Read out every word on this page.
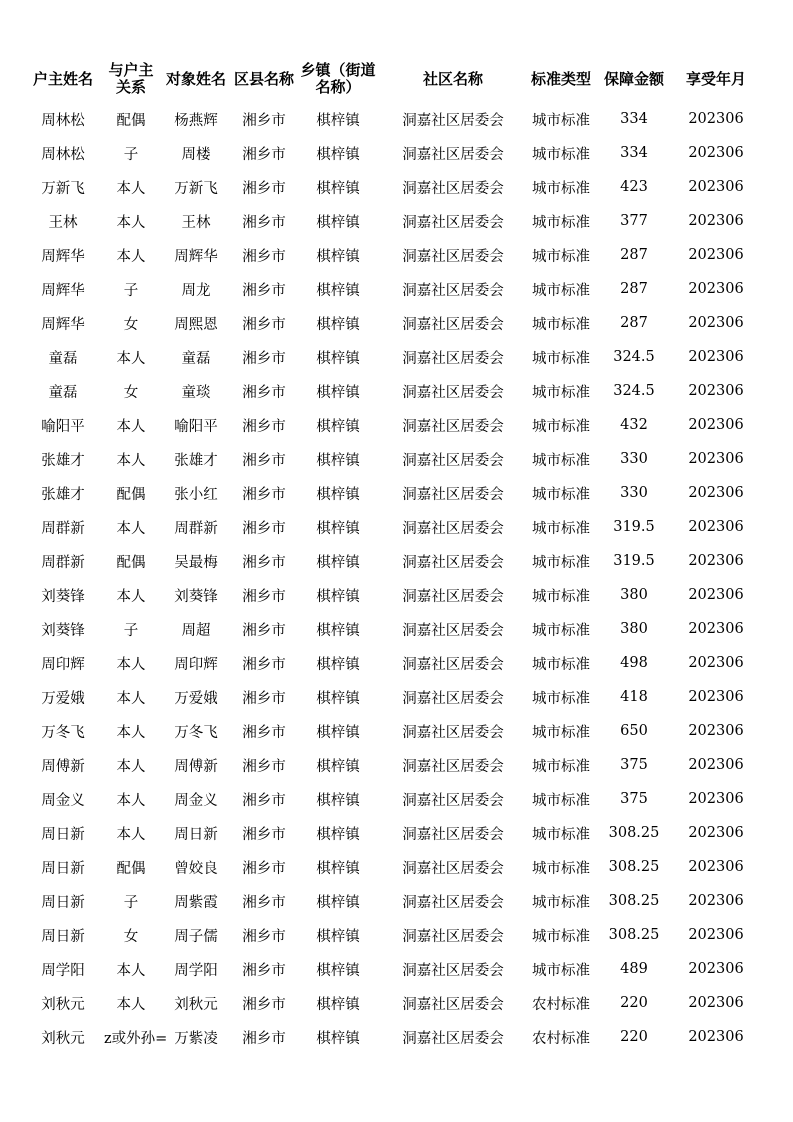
户主姓名	与户主关系	对象姓名	区县名称	乡镇（街道名称）	社区名称	标准类型	保障金额	享受年月
周林松	配偶	杨燕辉	湘乡市	棋梓镇	洞嘉社区居委会	城市标准	334	202306
周林松	子	周楼	湘乡市	棋梓镇	洞嘉社区居委会	城市标准	334	202306
万新飞	本人	万新飞	湘乡市	棋梓镇	洞嘉社区居委会	城市标准	423	202306
王林	本人	王林	湘乡市	棋梓镇	洞嘉社区居委会	城市标准	377	202306
周辉华	本人	周辉华	湘乡市	棋梓镇	洞嘉社区居委会	城市标准	287	202306
周辉华	子	周龙	湘乡市	棋梓镇	洞嘉社区居委会	城市标准	287	202306
周辉华	女	周熙恩	湘乡市	棋梓镇	洞嘉社区居委会	城市标准	287	202306
童磊	本人	童磊	湘乡市	棋梓镇	洞嘉社区居委会	城市标准	324.5	202306
童磊	女	童琰	湘乡市	棋梓镇	洞嘉社区居委会	城市标准	324.5	202306
喻阳平	本人	喻阳平	湘乡市	棋梓镇	洞嘉社区居委会	城市标准	432	202306
张雄才	本人	张雄才	湘乡市	棋梓镇	洞嘉社区居委会	城市标准	330	202306
张雄才	配偶	张小红	湘乡市	棋梓镇	洞嘉社区居委会	城市标准	330	202306
周群新	本人	周群新	湘乡市	棋梓镇	洞嘉社区居委会	城市标准	319.5	202306
周群新	配偶	吴最梅	湘乡市	棋梓镇	洞嘉社区居委会	城市标准	319.5	202306
刘葵锋	本人	刘葵锋	湘乡市	棋梓镇	洞嘉社区居委会	城市标准	380	202306
刘葵锋	子	周超	湘乡市	棋梓镇	洞嘉社区居委会	城市标准	380	202306
周印辉	本人	周印辉	湘乡市	棋梓镇	洞嘉社区居委会	城市标准	498	202306
万爱娥	本人	万爱娥	湘乡市	棋梓镇	洞嘉社区居委会	城市标准	418	202306
万冬飞	本人	万冬飞	湘乡市	棋梓镇	洞嘉社区居委会	城市标准	650	202306
周傅新	本人	周傅新	湘乡市	棋梓镇	洞嘉社区居委会	城市标准	375	202306
周金义	本人	周金义	湘乡市	棋梓镇	洞嘉社区居委会	城市标准	375	202306
周日新	本人	周日新	湘乡市	棋梓镇	洞嘉社区居委会	城市标准	308.25	202306
周日新	配偶	曾姣良	湘乡市	棋梓镇	洞嘉社区居委会	城市标准	308.25	202306
周日新	子	周紫霞	湘乡市	棋梓镇	洞嘉社区居委会	城市标准	308.25	202306
周日新	女	周子儒	湘乡市	棋梓镇	洞嘉社区居委会	城市标准	308.25	202306
周学阳	本人	周学阳	湘乡市	棋梓镇	洞嘉社区居委会	城市标准	489	202306
刘秋元	本人	刘秋元	湘乡市	棋梓镇	洞嘉社区居委会	农村标准	220	202306
刘秋元	z或外孙=	万紫凌	湘乡市	棋梓镇	洞嘉社区居委会	农村标准	220	202306
